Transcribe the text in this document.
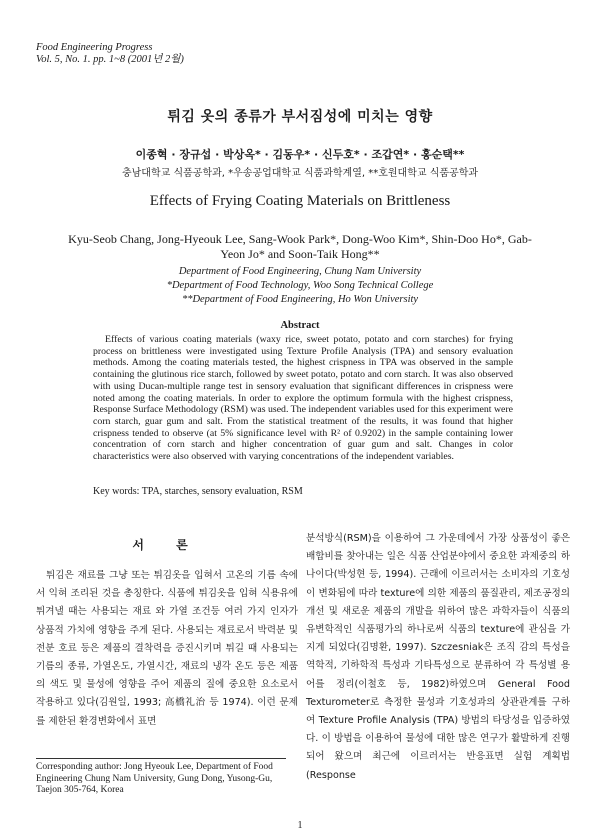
Food Engineering Progress
Vol. 5, No. 1. pp. 1~8 (2001년 2월)
튀김 옷의 종류가 부서짐성에 미치는 영향
이종혁 · 장규섭 · 박상옥* · 김동우* · 신두호* · 조갑연* · 홍순택**
충남대학교 식품공학과, *우송공업대학교 식품과학계열, **호원대학교 식품공학과
Effects of Frying Coating Materials on Brittleness
Kyu-Seob Chang, Jong-Hyeouk Lee, Sang-Wook Park*, Dong-Woo Kim*, Shin-Doo Ho*, Gab-Yeon Jo* and Soon-Taik Hong**
Department of Food Engineering, Chung Nam University
*Department of Food Technology, Woo Song Technical College
**Department of Food Engineering, Ho Won University
Abstract
Effects of various coating materials (waxy rice, sweet potato, potato and corn starches) for frying process on brittleness were investigated using Texture Profile Analysis (TPA) and sensory evaluation methods. Among the coating materials tested, the highest crispness in TPA was observed in the sample containing the glutinous rice starch, followed by sweet potato, potato and corn starch. It was also observed with using Ducan-multiple range test in sensory evaluation that significant differences in crispness were noted among the coating materials. In order to explore the optimum formula with the highest crispness, Response Surface Methodology (RSM) was used. The independent variables used for this experiment were corn starch, guar gum and salt. From the statistical treatment of the results, it was found that higher crispness tended to observe (at 5% significance level with R² of 0.9202) in the sample containing lower concentration of corn starch and higher concentration of guar gum and salt. Changes in color characteristics were also observed with varying concentrations of the independent variables.
Key words: TPA, starches, sensory evaluation, RSM
서 론

튀김은 재료를 그냥 또는 튀김옷을 입혀서 고온의 기름 속에서 익혀 조리된 것을 총칭한다. 식품에 튀김옷을 입혀 식용유에 튀겨낼 때는 사용되는 재료 와 가열 조건등 여러 가지 인자가 상품적 가치에 영향을 주게 된다. 사용되는 재료로서 박력분 및 전분 호료 등은 제품의 결착력을 증진시키며 튀길 때 사용되는 기름의 종류, 가열온도, 가열시간, 재료의 냉각 온도 등은 제품의 색도 및 물성에 영향을 주어 제품의 질에 중요한 요소로서 작용하고 있다(김원일, 1993; 高橋礼治 등 1974). 이런 문제를 제한된 환경변화에서 표면

분석방식(RSM)을 이용하여 그 가운데에서 가장 상품성이 좋은 배합비를 찾아내는 일은 식품 산업분야에서 중요한 과제중의 하나이다(박성현 등, 1994). 근래에 이르러서는 소비자의 기호성이 변화됨에 따라 texture에 의한 제품의 품질관리, 제조공정의 개선 및 새로운 제품의 개발을 위하여 많은 과학자들이 식품의 유변학적인 식품평가의 하나로써 식품의 texture에 관심을 가지게 되었다(김명환, 1997). Szczesniak은 조직 감의 특성을 역학적, 기하학적 특성과 기타특성으로 분류하여 각 특성별 용어를 정리(이철호 등, 1982)하였으며 General Food Texturometer로 측정한 물성과 기호성과의 상관관계를 구하여 Texture Profile Analysis (TPA) 방법의 타당성을 입증하였다. 이 방법을 이용하여 물성에 대한 많은 연구가 활발하게 진행되어 왔으며 최근에 이르러서는 반응표면 실험 계획법(Response

Corresponding author: Jong Hyeouk Lee, Department of Food Engineering Chung Nam University, Gung Dong, Yusong-Gu, Taejon 305-764, Korea
1
